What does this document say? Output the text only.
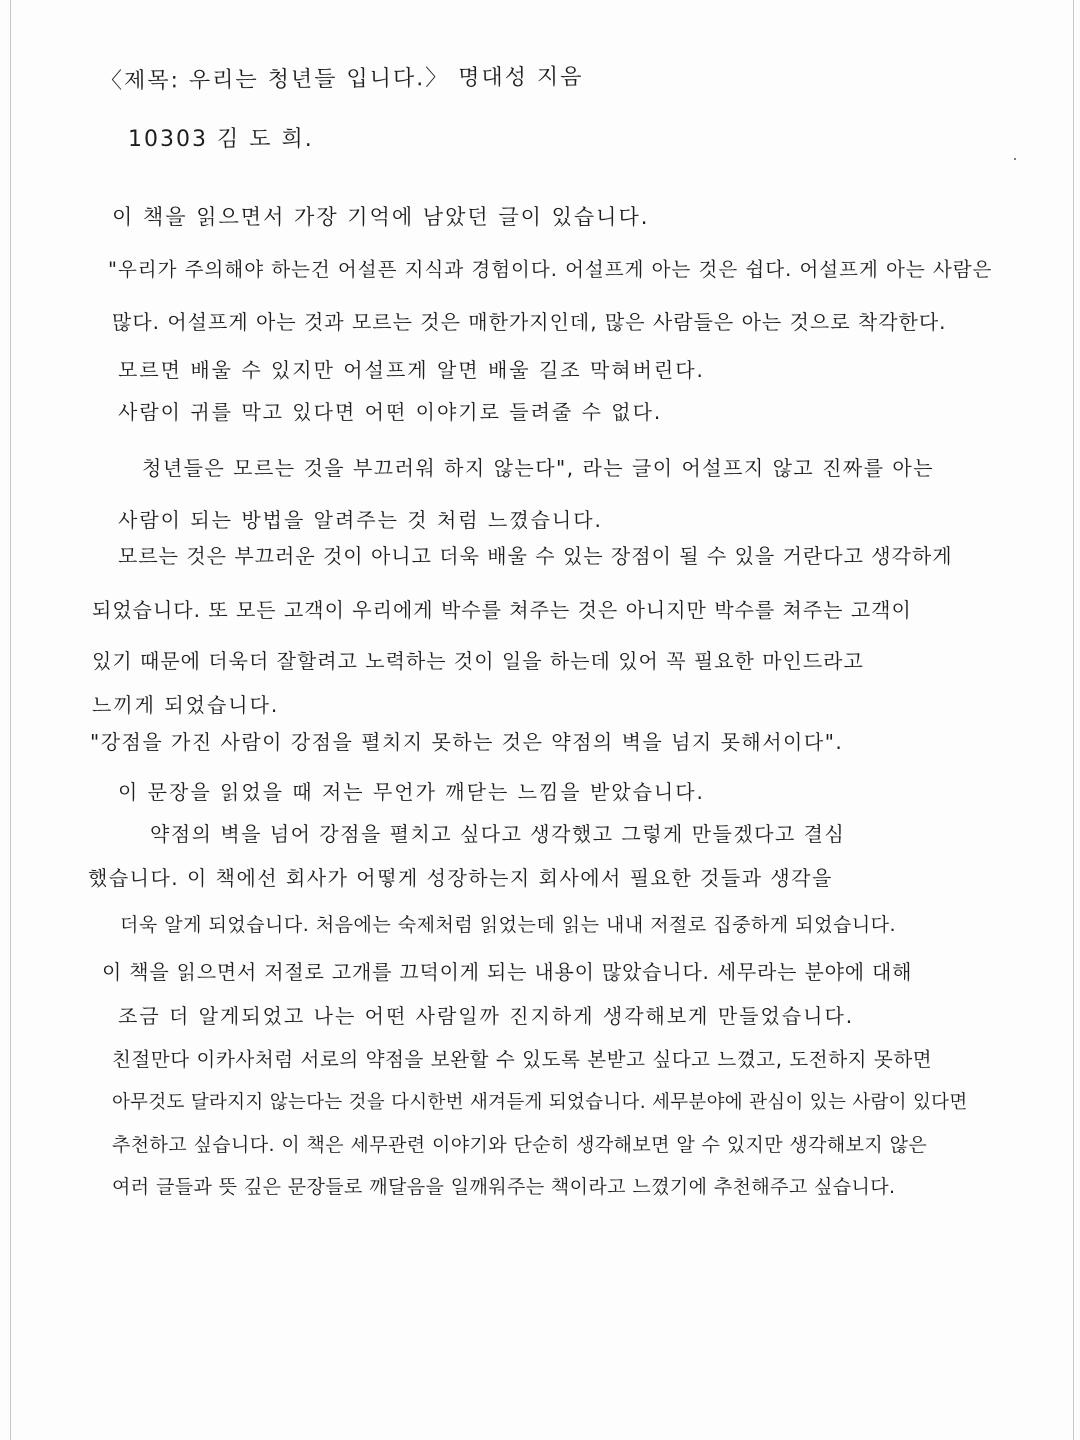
〈제목: 우리는 청년들 입니다.〉 명대성 지음
10303 김 도 희.
이 책을 읽으면서 가장 기억에 남았던 글이 있습니다.
"우리가 주의해야 하는건 어설픈 지식과 경험이다. 어설프게 아는 것은 쉽다. 어설프게 아는 사람은
많다. 어설프게 아는 것과 모르는 것은 매한가지인데, 많은 사람들은 아는 것으로 착각한다.
모르면 배울 수 있지만 어설프게 알면 배울 길조 막혀버린다.
사람이 귀를 막고 있다면 어떤 이야기로 들려줄 수 없다.
청년들은 모르는 것을 부끄러워 하지 않는다", 라는 글이 어설프지 않고 진짜를 아는
사람이 되는 방법을 알려주는 것 처럼 느꼈습니다.
모르는 것은 부끄러운 것이 아니고 더욱 배울 수 있는 장점이 될 수 있을 거란다고 생각하게
되었습니다. 또 모든 고객이 우리에게 박수를 쳐주는 것은 아니지만 박수를 쳐주는 고객이
있기 때문에 더욱더 잘할려고 노력하는 것이 일을 하는데 있어 꼭 필요한 마인드라고
느끼게 되었습니다.
"강점을 가진 사람이 강점을 펼치지 못하는 것은 약점의 벽을 넘지 못해서이다".
이 문장을 읽었을 때 저는 무언가 깨닫는 느낌을 받았습니다.
약점의 벽을 넘어 강점을 펼치고 싶다고 생각했고 그렇게 만들겠다고 결심
했습니다. 이 책에선 회사가 어떻게 성장하는지 회사에서 필요한 것들과 생각을
더욱 알게 되었습니다. 처음에는 숙제처럼 읽었는데 읽는 내내 저절로 집중하게 되었습니다.
이 책을 읽으면서 저절로 고개를 끄덕이게 되는 내용이 많았습니다. 세무라는 분야에 대해
조금 더 알게되었고 나는 어떤 사람일까 진지하게 생각해보게 만들었습니다.
친절만다 이카사처럼 서로의 약점을 보완할 수 있도록 본받고 싶다고 느꼈고, 도전하지 못하면
아무것도 달라지지 않는다는 것을 다시한번 새겨듣게 되었습니다. 세무분야에 관심이 있는 사람이 있다면
추천하고 싶습니다. 이 책은 세무관련 이야기와 단순히 생각해보면 알 수 있지만 생각해보지 않은
여러 글들과 뜻 깊은 문장들로 깨달음을 일깨워주는 책이라고 느꼈기에 추천해주고 싶습니다.
